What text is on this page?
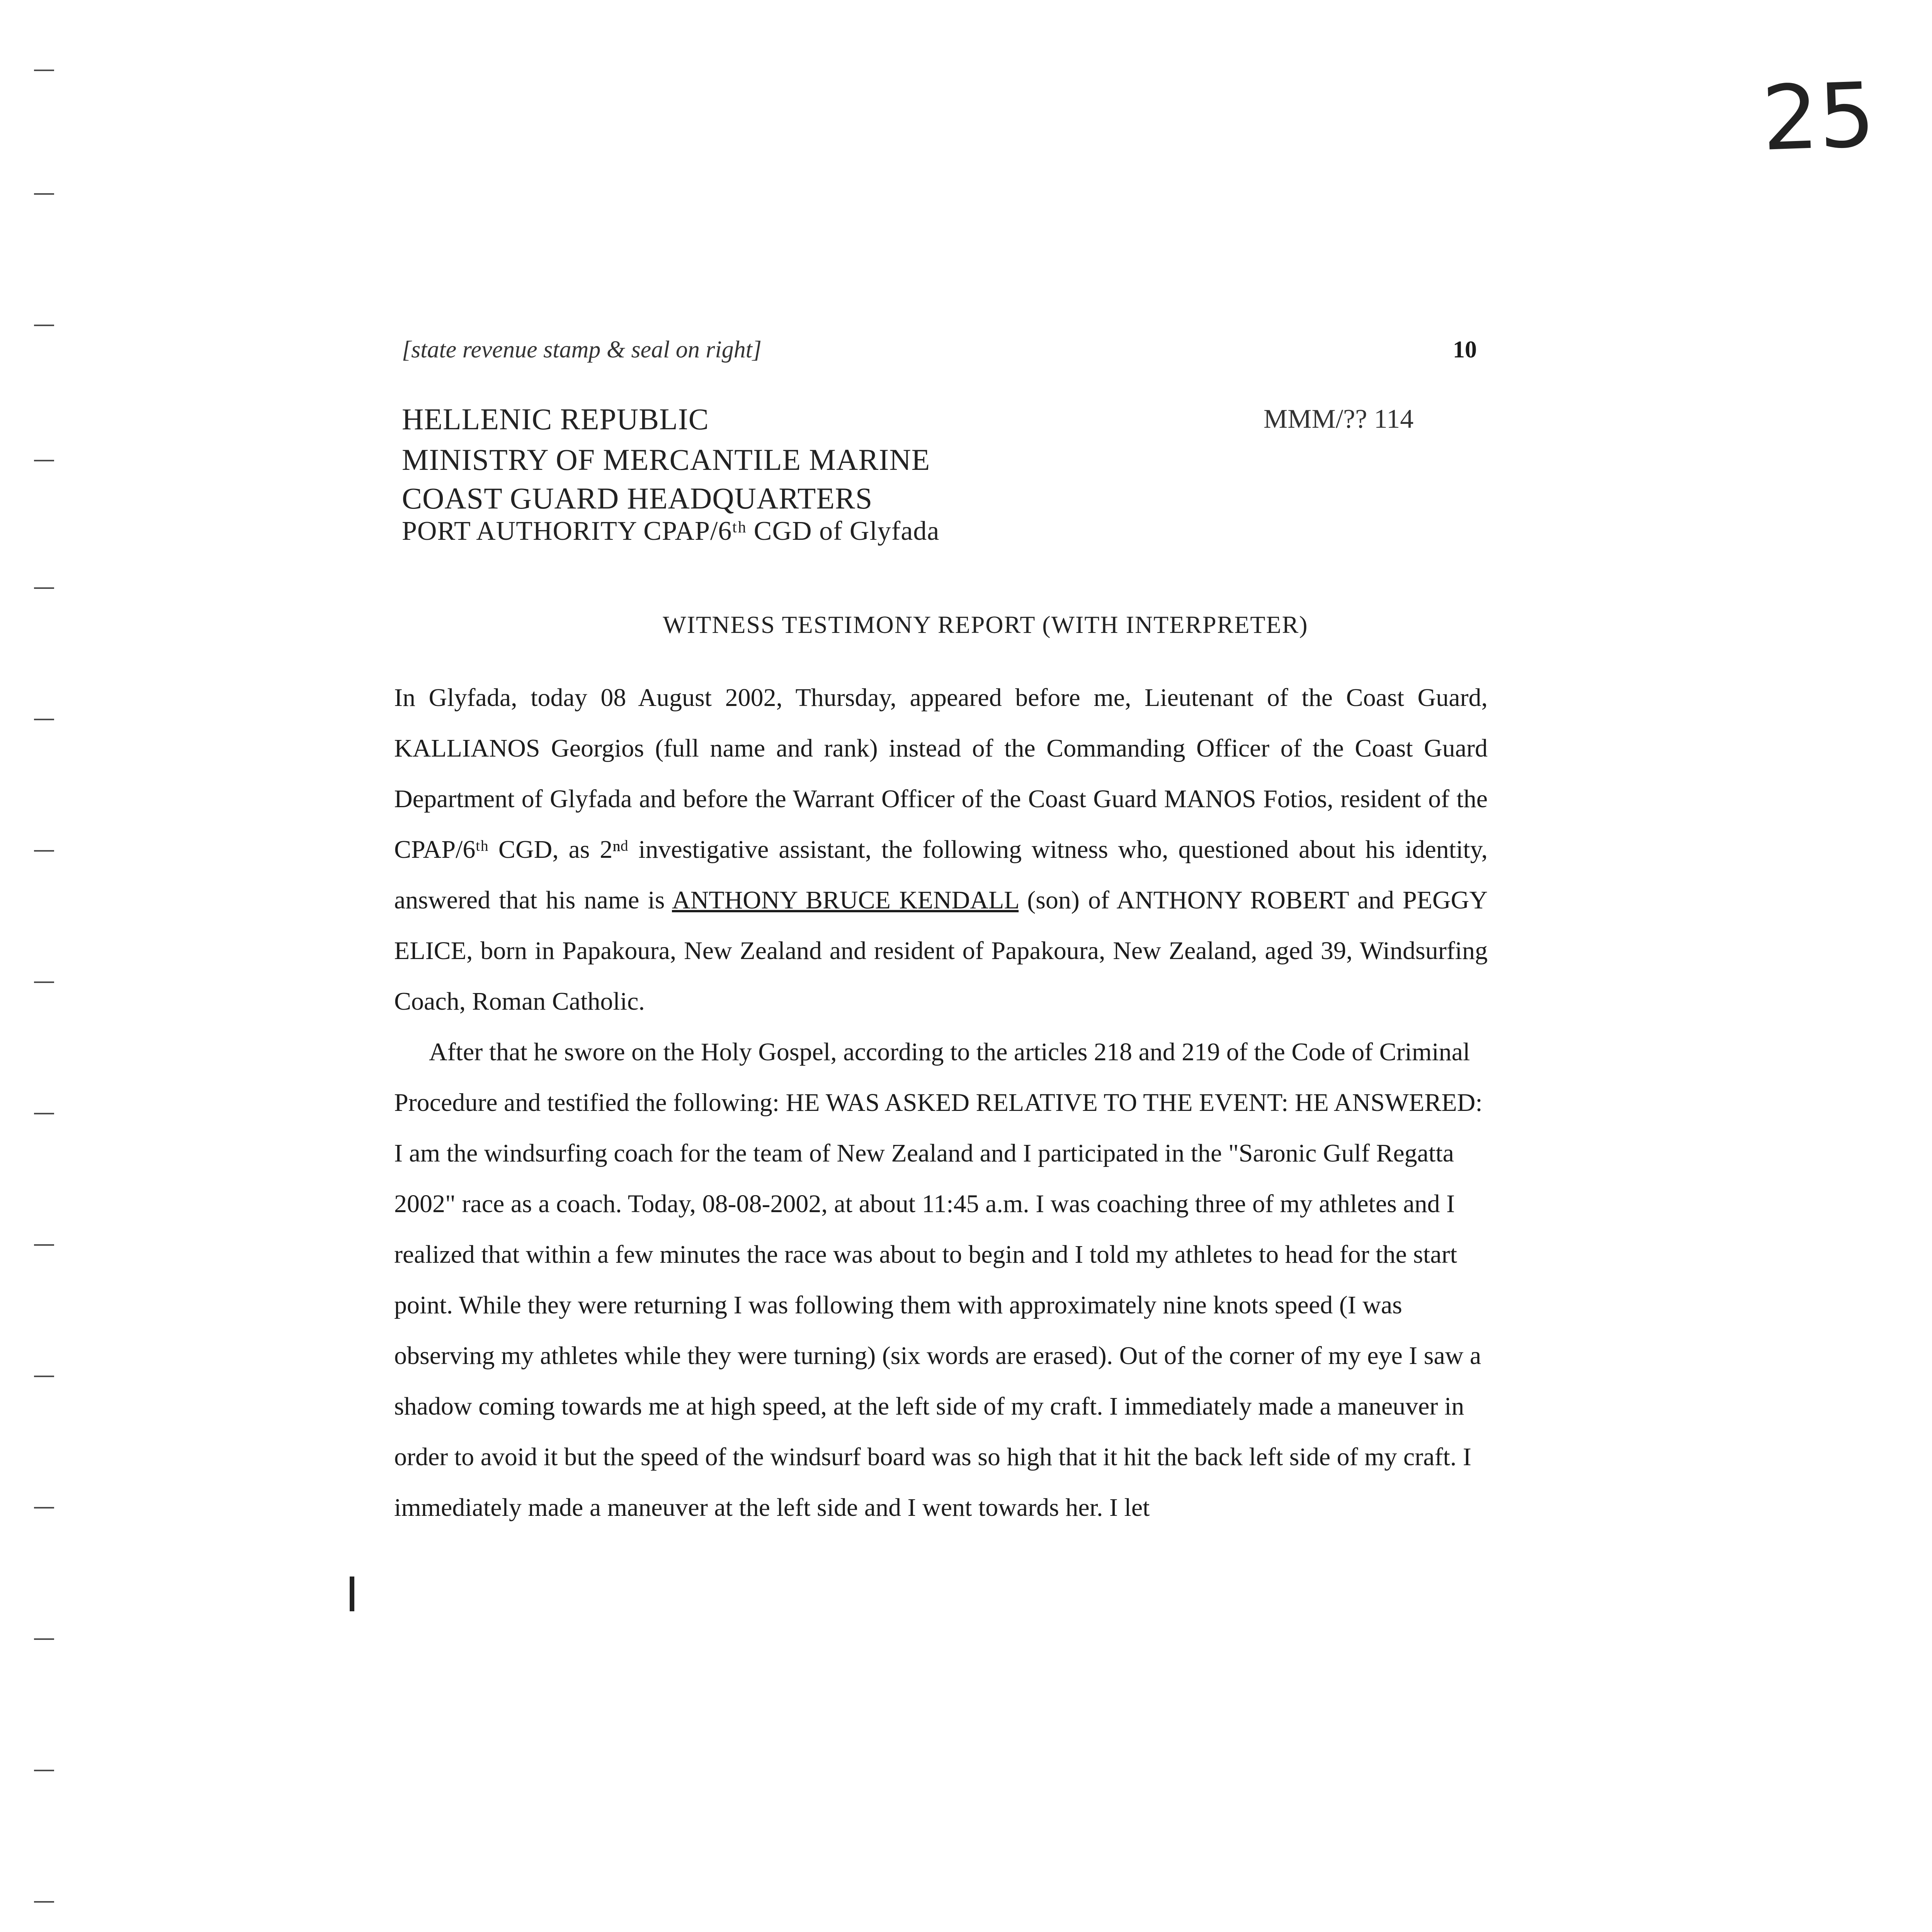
25
[state revenue stamp & seal on right]	10
HELLENIC REPUBLIC
MINISTRY OF MERCANTILE MARINE
COAST GUARD HEADQUARTERS
PORT AUTHORITY CPAP/6ᵗʰ CGD of Glyfada
MMM/?? 114
WITNESS TESTIMONY REPORT (WITH INTERPRETER)

In Glyfada, today 08 August 2002, Thursday, appeared before me, Lieutenant of the Coast Guard, KALLIANOS Georgios (full name and rank) instead of the Commanding Officer of the Coast Guard Department of Glyfada and before the Warrant Officer of the Coast Guard MANOS Fotios, resident of the CPAP/6ᵗʰ CGD, as 2ⁿᵈ investigative assistant, the following witness who, questioned about his identity, answered that his name is ANTHONY BRUCE KENDALL (son) of ANTHONY ROBERT and PEGGY ELICE, born in Papakoura, New Zealand and resident of Papakoura, New Zealand, aged 39, Windsurfing Coach, Roman Catholic.

After that he swore on the Holy Gospel, according to the articles 218 and 219 of the Code of Criminal Procedure and testified the following: HE WAS ASKED RELATIVE TO THE EVENT: HE ANSWERED: I am the windsurfing coach for the team of New Zealand and I participated in the "Saronic Gulf Regatta 2002" race as a coach. Today, 08-08-2002, at about 11:45 a.m. I was coaching three of my athletes and I realized that within a few minutes the race was about to begin and I told my athletes to head for the start point. While they were returning I was following them with approximately nine knots speed (I was observing my athletes while they were turning) (six words are erased). Out of the corner of my eye I saw a shadow coming towards me at high speed, at the left side of my craft. I immediately made a maneuver in order to avoid it but the speed of the windsurf board was so high that it hit the back left side of my craft. I immediately made a maneuver at the left side and I went towards her. I let
